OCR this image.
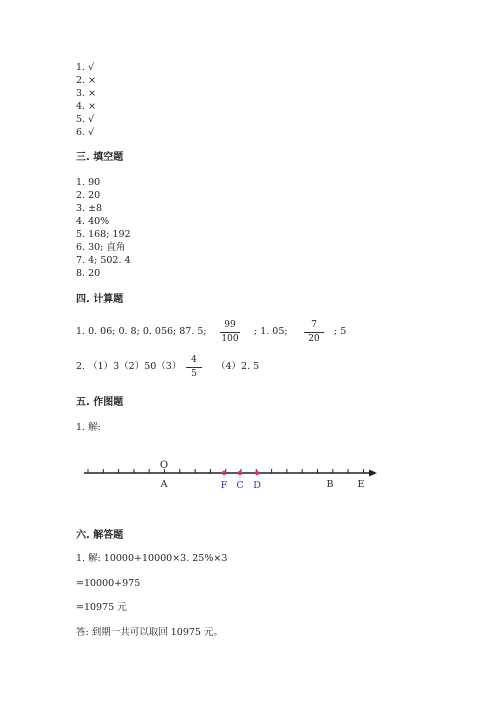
1. √
2. ×
3. ×
4. ×
5. √
6. √
三. 填空题
1. 90
2. 20
3. ±8
4. 40%
5. 168; 192
6. 30; 直角
7. 4; 502. 4
8. 20
四. 计算题
1. 0. 06; 0. 8; 0. 056; 87. 5;
99
100
; 1. 05;
7
20
; 5
2. （1）3（2）50（3）
4
5
（4）2. 5
五. 作图题
1. 解:
O
A	F C D	B	E
六. 解答题
1. 解: 10000+10000×3. 25%×3
=10000+975
=10975 元
答: 到期一共可以取回 10975 元。
